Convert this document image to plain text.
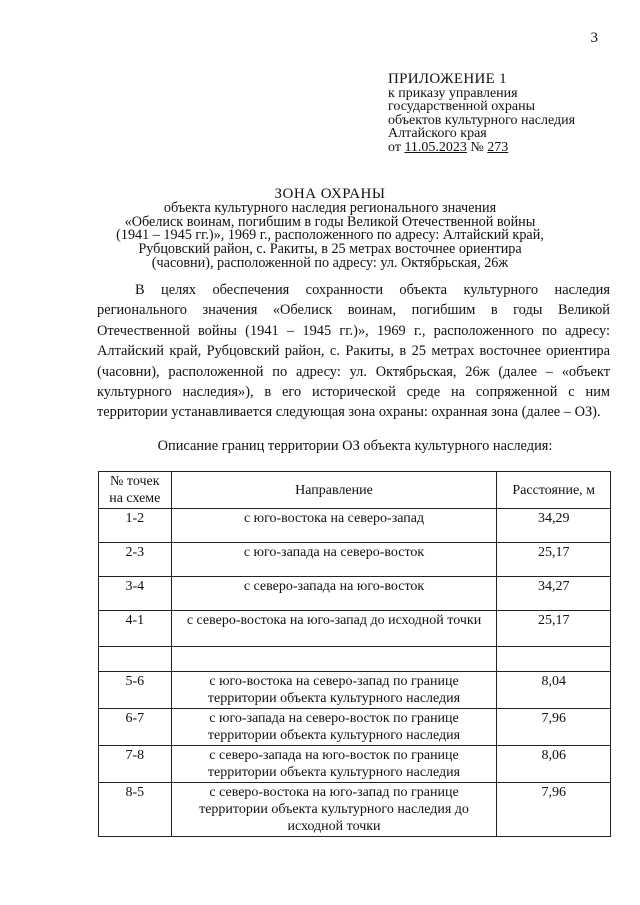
3
ПРИЛОЖЕНИЕ 1
к приказу управления
государственной охраны
объектов культурного наследия
Алтайского края
от 11.05.2023 № 273
ЗОНА ОХРАНЫ
объекта культурного наследия регионального значения
«Обелиск воинам, погибшим в годы Великой Отечественной войны
(1941 – 1945 гг.)», 1969 г., расположенного по адресу: Алтайский край,
Рубцовский район, с. Ракиты, в 25 метрах восточнее ориентира
(часовни), расположенной по адресу: ул. Октябрьская, 26ж
В целях обеспечения сохранности объекта культурного наследия регионального значения «Обелиск воинам, погибшим в годы Великой Отечественной войны (1941 – 1945 гг.)», 1969 г., расположенного по адресу: Алтайский край, Рубцовский район, с. Ракиты, в 25 метрах восточнее ориентира (часовни), расположенной по адресу: ул. Октябрьская, 26ж (далее – «объект культурного наследия»), в его исторической среде на сопряженной с ним территории устанавливается следующая зона охраны: охранная зона (далее – ОЗ).
Описание границ территории ОЗ объекта культурного наследия:
№ точек на схеме	Направление	Расстояние, м
1-2	с юго-востока на северо-запад	34,29
2-3	с юго-запада на северо-восток	25,17
3-4	с северо-запада на юго-восток	34,27
4-1	с северо-востока на юго-запад до исходной точки	25,17

5-6	с юго-востока на северо-запад по границе территории объекта культурного наследия	8,04
6-7	с юго-запада на северо-восток по границе территории объекта культурного наследия	7,96
7-8	с северо-запада на юго-восток по границе территории объекта культурного наследия	8,06
8-5	с северо-востока на юго-запад по границе территории объекта культурного наследия до исходной точки	7,96
